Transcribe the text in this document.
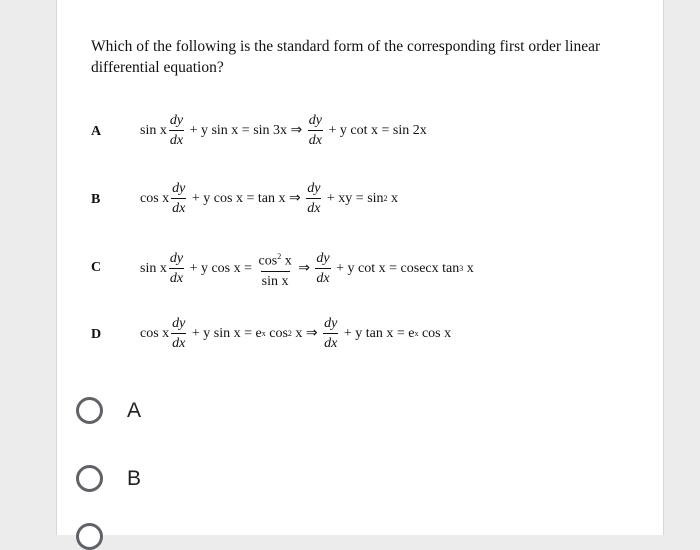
Which of the following is the standard form of the corresponding first order linear differential equation?
A	sin x $\frac{dy}{dx} + y$ sin x = sin 3x ⇒ $\frac{dy}{dx} + y$ cot x = sin 2x
B	cos x $\frac{dy}{dx} + y$ cos x = tan x ⇒ $\frac{dy}{dx}$ + xy = sin 2 x
C	sin x $\frac{dy}{dx} + y$ $\cos x = \frac{\cos^2 x}{\text{sin x}}$ ⇒ $\frac{dy}{dx} + y$ cot x = cosecx tan 3 x
D	cos x $\frac{dy}{dx} + y$ sin x = e x cos 2 x ⇒ $\frac{dy}{dx} + y$ tan x = e x cos x
A
B
